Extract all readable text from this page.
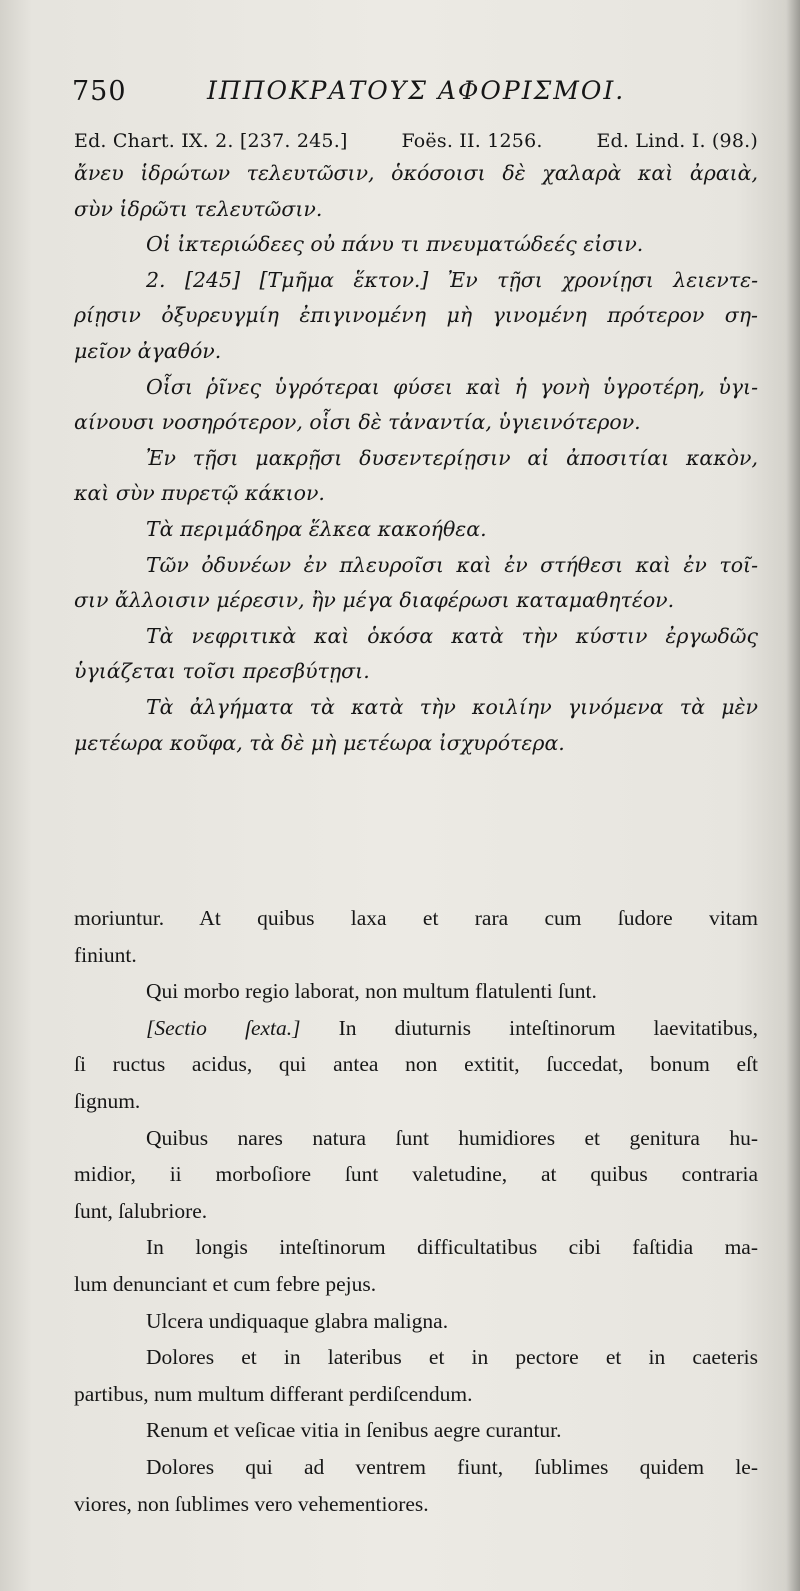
750	ΙΠΠΟΚΡΑΤΟΥΣ ΑΦΟΡΙΣΜΟΙ.
Ed. Chart. IX. 2. [237. 245.]	Foës. II. 1256.	Ed. Lind. I. (98.)
ἄνευ ἱδρώτων τελευτῶσιν, ὁκόσοισι δὲ χαλαρὰ καὶ ἀραιὰ,
σὺν ἱδρῶτι τελευτῶσιν.
Οἱ ἰκτεριώδεες οὐ πάνυ τι πνευματώδεές εἰσιν.
2. [245] [Τμῆμα ἕκτον.] Ἐν τῇσι χρονίῃσι λειεντε-
ρίῃσιν ὀξυρευγμίη ἐπιγινομένη μὴ γινομένη πρότερον ση-
μεῖον ἀγαθόν.
Οἷσι ῥῖνες ὑγρότεραι φύσει καὶ ἡ γονὴ ὑγροτέρη, ὑγι-
αίνουσι νοσηρότερον, οἷσι δὲ τἀναντία, ὑγιεινότερον.
Ἐν τῇσι μακρῇσι δυσεντερίῃσιν αἱ ἀποσιτίαι κακὸν,
καὶ σὺν πυρετῷ κάκιον.
Τὰ περιμάδηρα ἕλκεα κακοήθεα.
Τῶν ὀδυνέων ἐν πλευροῖσι καὶ ἐν στήθεσι καὶ ἐν τοῖ-
σιν ἄλλοισιν μέρεσιν, ἢν μέγα διαφέρωσι καταμαθητέον.
Τὰ νεφριτικὰ καὶ ὁκόσα κατὰ τὴν κύστιν ἐργωδῶς
ὑγιάζεται τοῖσι πρεσβύτῃσι.
Τὰ ἀλγήματα τὰ κατὰ τὴν κοιλίην γινόμενα τὰ μὲν
μετέωρα κοῦφα, τὰ δὲ μὴ μετέωρα ἰσχυρότερα.
moriuntur. At quibus laxa et rara cum ſudore vitam
finiunt.
Qui morbo regio laborat, non multum flatulenti ſunt.
[Sectio ſexta.] In diuturnis inteſtinorum laevitatibus,
ſi ructus acidus, qui antea non extitit, ſuccedat, bonum eſt
ſignum.
Quibus nares natura ſunt humidiores et genitura hu-
midior, ii morboſiore ſunt valetudine, at quibus contraria
ſunt, ſalubriore.
In longis inteſtinorum difficultatibus cibi faſtidia ma-
lum denunciant et cum febre pejus.
Ulcera undiquaque glabra maligna.
Dolores et in lateribus et in pectore et in caeteris
partibus, num multum differant perdiſcendum.
Renum et veſicae vitia in ſenibus aegre curantur.
Dolores qui ad ventrem fiunt, ſublimes quidem le-
viores, non ſublimes vero vehementiores.
